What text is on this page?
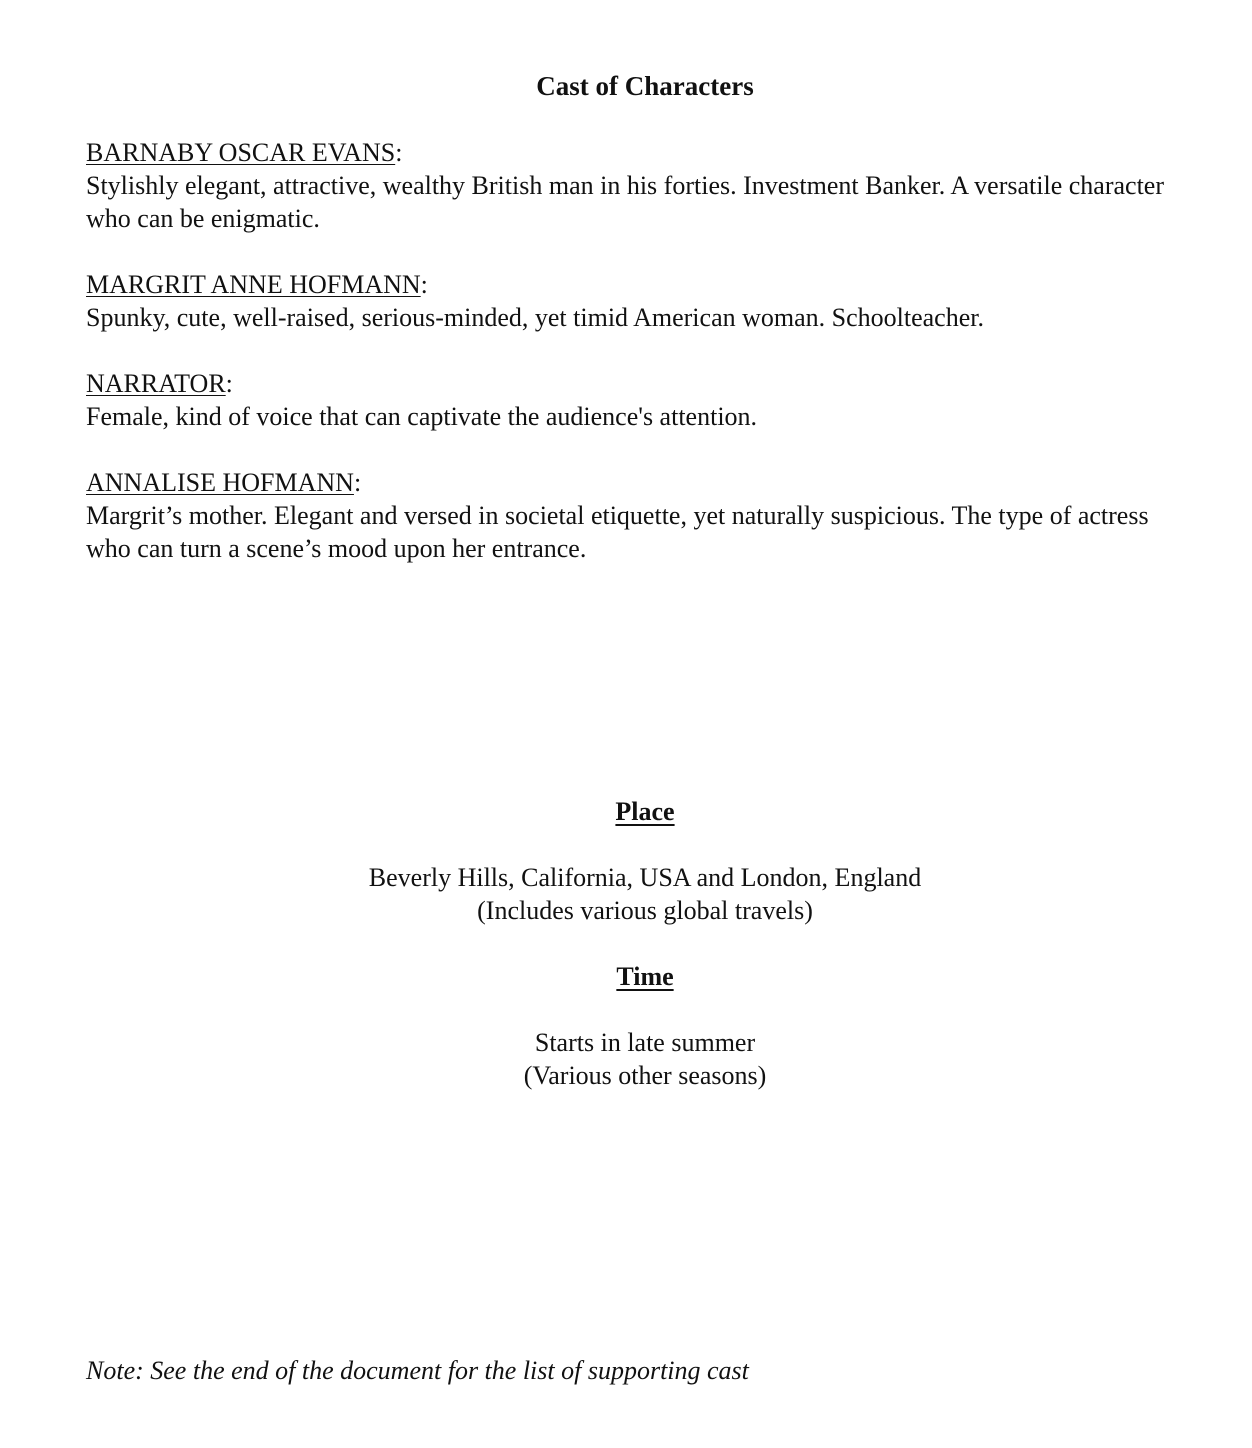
Cast of Characters
BARNABY OSCAR EVANS:

Stylishly elegant, attractive, wealthy British man in his forties. Investment Banker. A versatile character who can be enigmatic.

MARGRIT ANNE HOFMANN:

Spunky, cute, well-raised, serious-minded, yet timid American woman. Schoolteacher.

NARRATOR:

Female, kind of voice that can captivate the audience's attention.

ANNALISE HOFMANN:

Margrit’s mother. Elegant and versed in societal etiquette, yet naturally suspicious. The type of actress who can turn a scene’s mood upon her entrance.

Place
Beverly Hills, California, USA and London, England
(Includes various global travels)
Time
Starts in late summer
(Various other seasons)
Note: See the end of the document for the list of supporting cast
